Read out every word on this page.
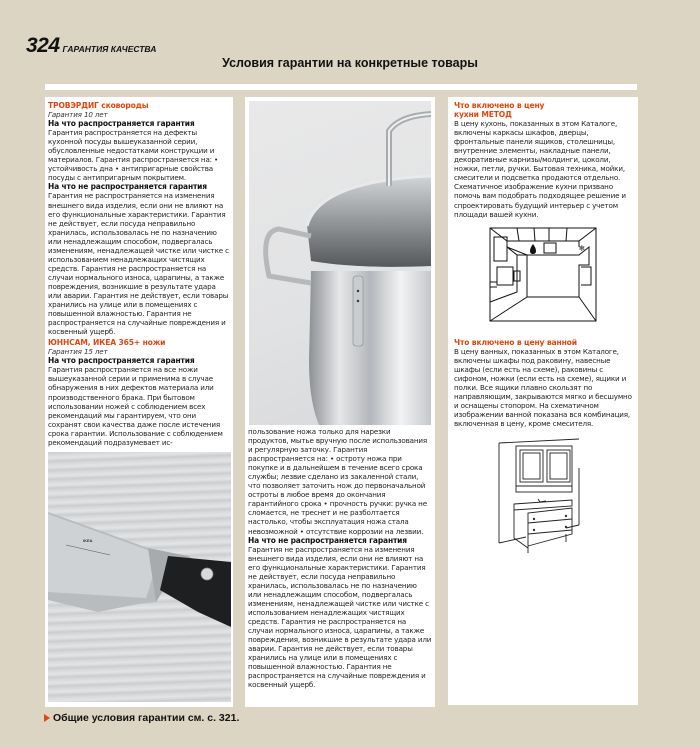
324 ГАРАНТИЯ КАЧЕСТВА
Условия гарантии на конкретные товары

ТРОВЭРДИГ сковороды

Гарантия 10 лет

На что распространяется гарантия

Гарантия распространяется на дефекты кухонной посуды вышеуказанной серии, обусловленные недостатками конструкции и материалов. Гарантия распространяется на: • устойчивость дна • антипригарные свойства посуды с антипригарным покрытием.

На что не распространяется гарантия

Гарантия не распространяется на изменения внешнего вида изделия, если они не влияют на его функциональные характеристики. Гарантия не действует, если посуда неправильно хранилась, использовалась не по назначению или ненадлежащим способом, подвергалась изменениям, ненадлежащей чистке или чистке с использованием ненадлежащих чистящих средств. Гарантия не распространяется на случаи нормального износа, царапины, а также повреждения, возникшие в результате удара или аварии. Гарантия не действует, если товары хранились на улице или в помещениях с повышенной влажностью. Гарантия не распространяется на случайные повреждения и косвенный ущерб.

ЮННСАМ, ИКЕА 365+ ножи

Гарантия 15 лет

На что распространяется гарантия

Гарантия распространяется на все ножи вышеуказанной серии и применима в случае обнаружения в них дефектов материала или производственного брака. При бытовом использовании ножей с соблюдением всех рекомендаций мы гарантируем, что они сохранят свои качества даже после истечения срока гарантии. Использование с соблюдением рекомендаций подразумевает ис-

IKEA

пользование ножа только для нарезки продуктов, мытье вручную после использования и регулярную заточку. Гарантия распространяется на: • остроту ножа при покупке и в дальнейшем в течение всего срока службы; лезвие сделано из закаленной стали, что позволяет заточить нож до первоначальной остроты в любое время до окончания гарантийного срока • прочность ручки: ручка не сломается, не треснет и не разболтается настолько, чтобы эксплуатация ножа стала невозможной • отсутствие коррозии на лезвии.

На что не распространяется гарантия

Гарантия не распространяется на изменения внешнего вида изделия, если они не влияют на его функциональные характеристики. Гарантия не действует, если посуда неправильно хранилась, использовалась не по назначению или ненадлежащим способом, подвергалась изменениям, ненадлежащей чистке или чистке с использованием ненадлежащих чистящих средств. Гарантия не распространяется на случаи нормального износа, царапины, а также повреждения, возникшие в результате удара или аварии. Гарантия не действует, если товары хранились на улице или в помещениях с повышенной влажностью. Гарантия не распространяется на случайные повреждения и косвенный ущерб.

Что включено в цену

кухни МЕТОД

В цену кухонь, показанных в этом Каталоге, включены каркасы шкафов, дверцы, фронтальные панели ящиков, столешницы, внутренние элементы, накладные панели, декоративные карнизы/молдинги, цоколи, ножки, петли, ручки. Бытовая техника, мойки, смесители и подсветка продаются отдельно. Схематичное изображение кухни призвано помочь вам подобрать подходящее решение и спроектировать будущий интерьер с учетом площади вашей кухни.

❄

Что включено в цену ванной

В цену ванных, показанных в этом Каталоге, включены шкафы под раковину, навесные шкафы (если есть на схеме), раковины с сифоном, ножки (если есть на схеме), ящики и полки. Все ящики плавно скользят по направляющим, закрываются мягко и бесшумно и оснащены стопором. На схематичном изображении ванной показана вся комбинация, включенная в цену, кроме смесителя.

Общие условия гарантии см. с. 321.
